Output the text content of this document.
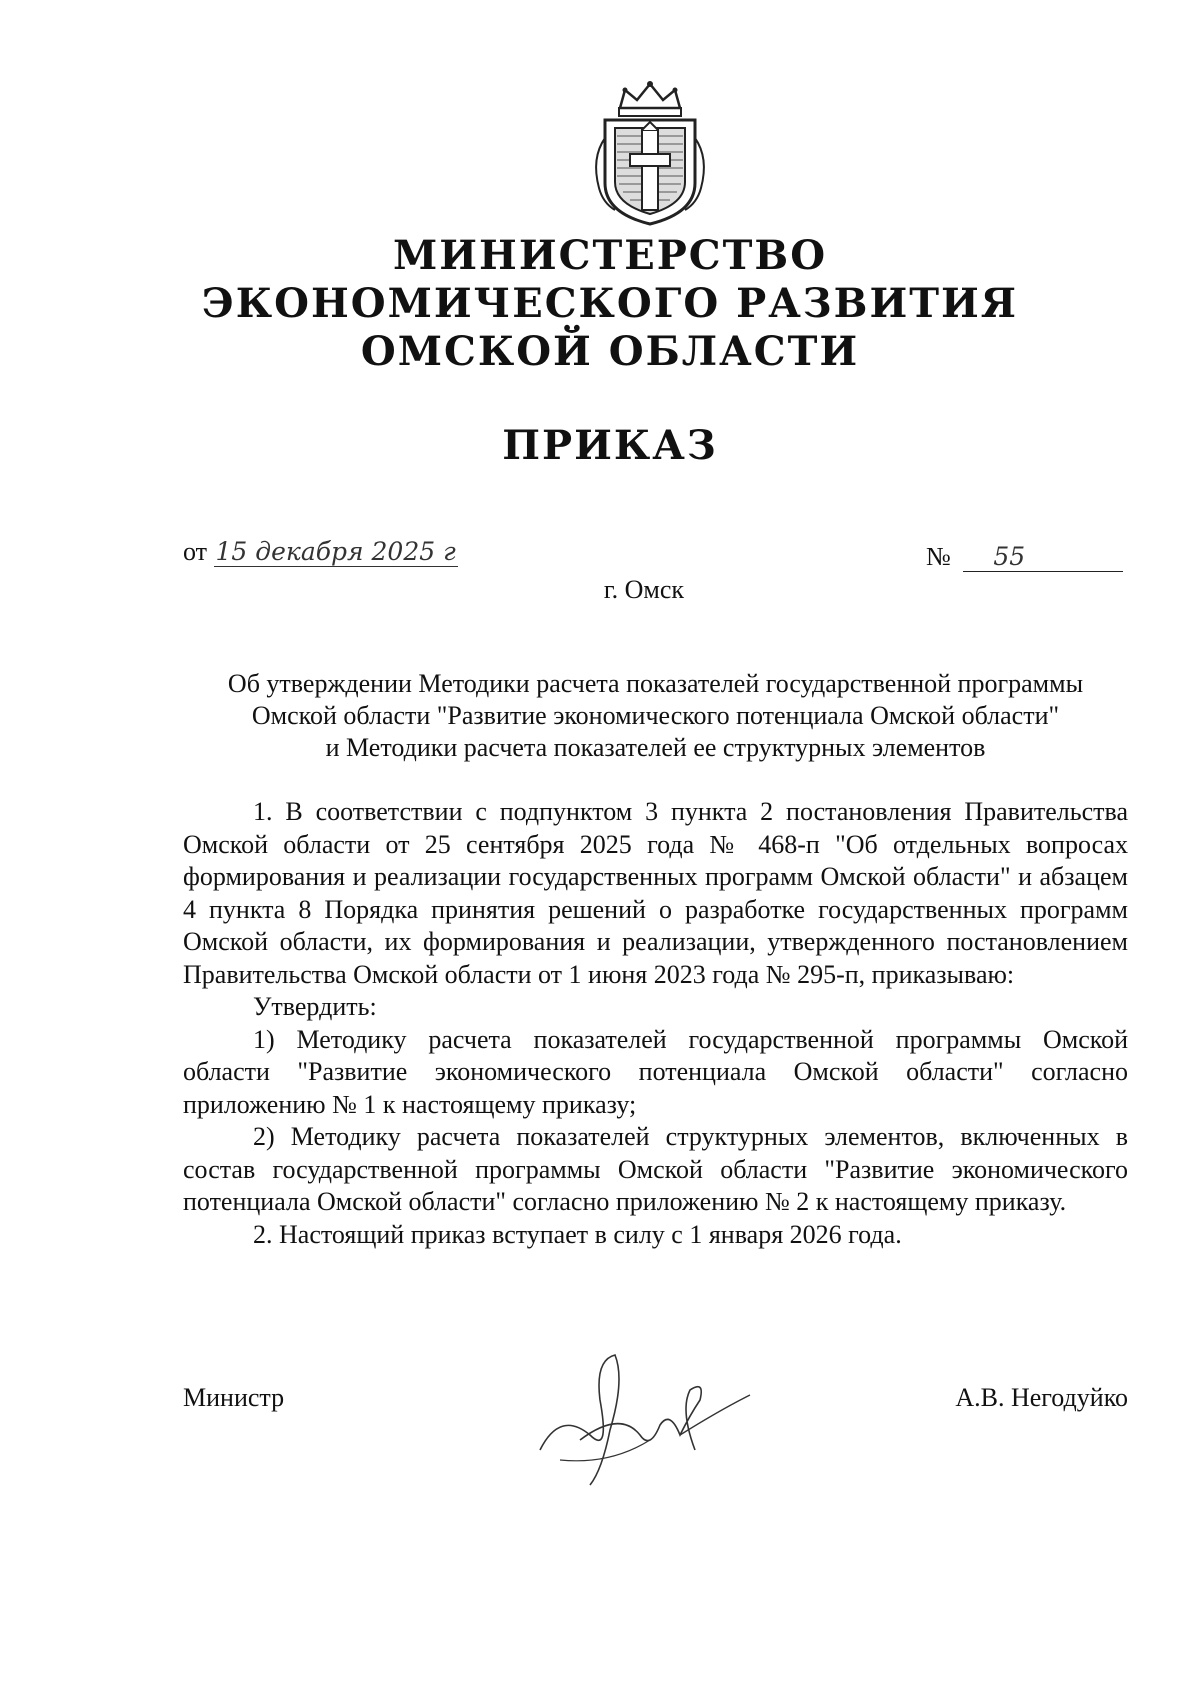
МИНИСТЕРСТВО
ЭКОНОМИЧЕСКОГО РАЗВИТИЯ
ОМСКОЙ ОБЛАСТИ
ПРИКАЗ
от 15 декабря 2025 г	№ 55
г. Омск
Об утверждении Методики расчета показателей государственной программы
Омской области "Развитие экономического потенциала Омской области"
и Методики расчета показателей ее структурных элементов

1. В соответствии с подпунктом 3 пункта 2 постановления Правительства Омской области от 25 сентября 2025 года № 468-п "Об отдельных вопросах формирования и реализации государственных программ Омской области" и абзацем 4 пункта 8 Порядка принятия решений о разработке государственных программ Омской области, их формирования и реализации, утвержденного постановлением Правительства Омской области от 1 июня 2023 года № 295-п, приказываю:

Утвердить:

1) Методику расчета показателей государственной программы Омской области "Развитие экономического потенциала Омской области" согласно приложению № 1 к настоящему приказу;

2) Методику расчета показателей структурных элементов, включенных в состав государственной программы Омской области "Развитие экономического потенциала Омской области" согласно приложению № 2 к настоящему приказу.

2. Настоящий приказ вступает в силу с 1 января 2026 года.

Министр	А.В. Негодуйко
